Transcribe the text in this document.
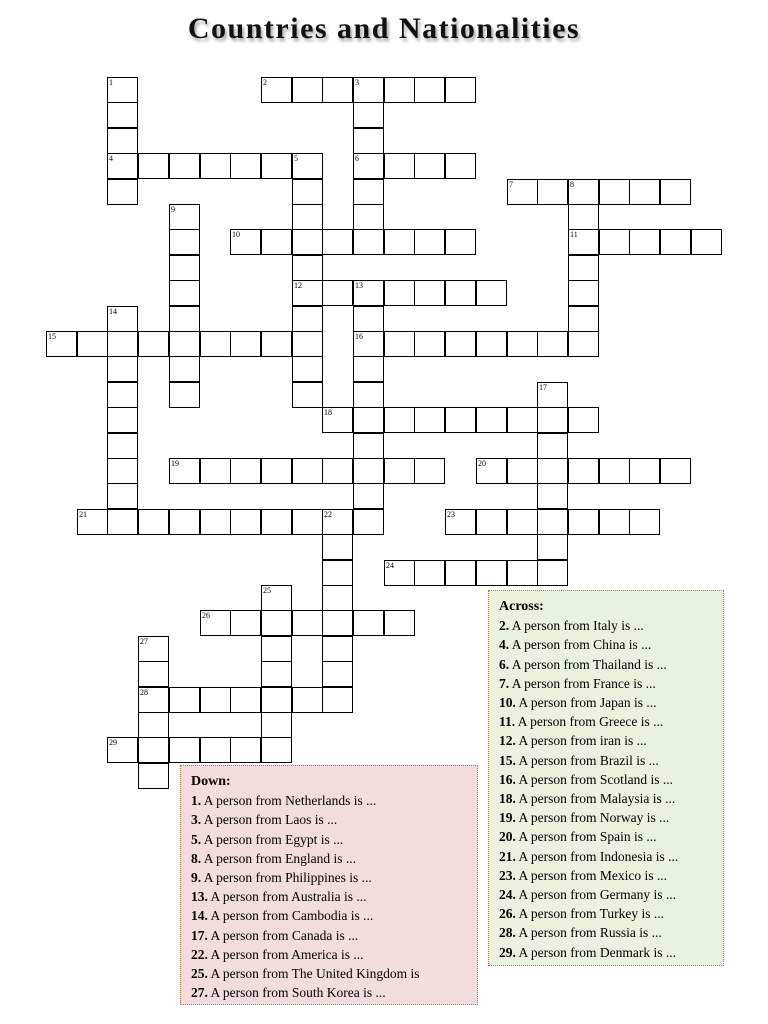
Countries and Nationalities
1
4
2	3
6
5
12
7	8
11
9
10
13
16
14
15
17
18
19	20
21	22	23
24
25
26
27
28
29
Across:
2. A person from Italy is ...
4. A person from China is ...
6. A person from Thailand is ...
7. A person from France is ...
10. A person from Japan is ...
11. A person from Greece is ...
12. A person from iran is ...
15. A person from Brazil is ...
16. A person from Scotland is ...
18. A person from Malaysia is ...
19. A person from Norway is ...
20. A person from Spain is ...
21. A person from Indonesia is ...
23. A person from Mexico is ...
24. A person from Germany is ...
26. A person from Turkey is ...
28. A person from Russia is ...
29. A person from Denmark is ...
Down:
1. A person from Netherlands is ...
3. A person from Laos is ...
5. A person from Egypt is ...
8. A person from England is ...
9. A person from Philippines is ...
13. A person from Australia is ...
14. A person from Cambodia is ...
17. A person from Canada is ...
22. A person from America is ...
25. A person from The United Kingdom is
27. A person from South Korea is ...
